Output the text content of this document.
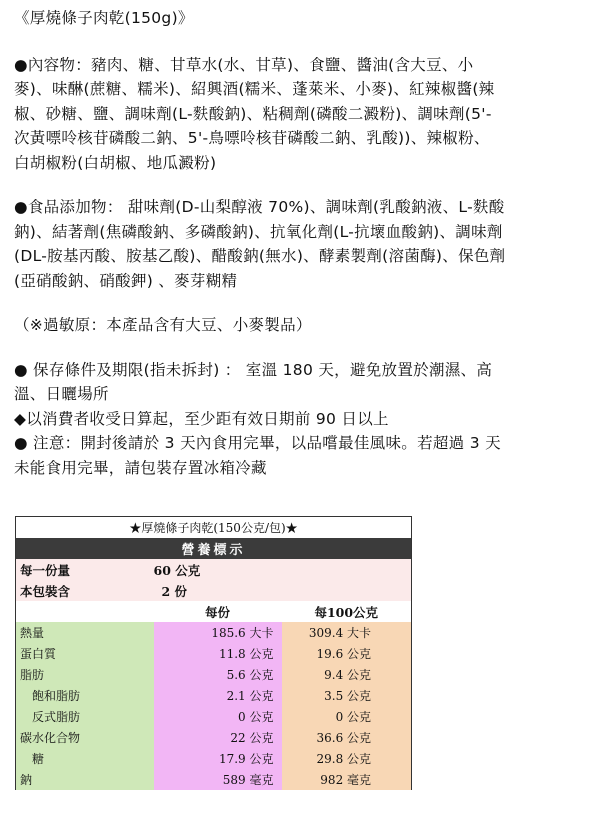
《厚燒條子肉乾(150g)》

●內容物：豬肉、糖、甘草水(水、甘草)、食鹽、醬油(含大豆、小

麥)、味醂(蔗糖、糯米)、紹興酒(糯米、蓬萊米、小麥)、紅辣椒醬(辣

椒、砂糖、鹽、調味劑(L-麩酸鈉)、粘稠劑(磷酸二澱粉)、調味劑(5'-

次黃嘌呤核苷磷酸二鈉、5'-鳥嘌呤核苷磷酸二鈉、乳酸))、辣椒粉、

白胡椒粉(白胡椒、地瓜澱粉)

●食品添加物： 甜味劑(D-山梨醇液 70%)、調味劑(乳酸鈉液、L-麩酸

鈉)、結著劑(焦磷酸鈉、多磷酸鈉)、抗氧化劑(L-抗壞血酸鈉)、調味劑

(DL-胺基丙酸、胺基乙酸)、醋酸鈉(無水)、酵素製劑(溶菌酶)、保色劑

(亞硝酸鈉、硝酸鉀) 、麥芽糊精

（※過敏原：本產品含有大豆、小麥製品）

● 保存條件及期限(指未拆封) ： 室溫 180 天，避免放置於潮濕、高

溫、日曬場所

◆以消費者收受日算起，至少距有效日期前 90 日以上

● 注意：開封後請於 3 天內食用完畢，以品嚐最佳風味。若超過 3 天

未能食用完畢，請包裝存置冰箱冷藏

★厚燒條子肉乾(150公克/包)★		
營養標示		
每一份量	60 公克	
本包裝含	2 份	
	每份	每100公克
熱量	185.6 大卡	309.4 大卡
蛋白質	11.8 公克	19.6 公克
脂肪	5.6 公克	9.4 公克
飽和脂肪	2.1 公克	3.5 公克
反式脂肪	0 公克	0 公克
碳水化合物	22 公克	36.6 公克
糖	17.9 公克	29.8 公克
鈉	589 毫克	982 毫克
